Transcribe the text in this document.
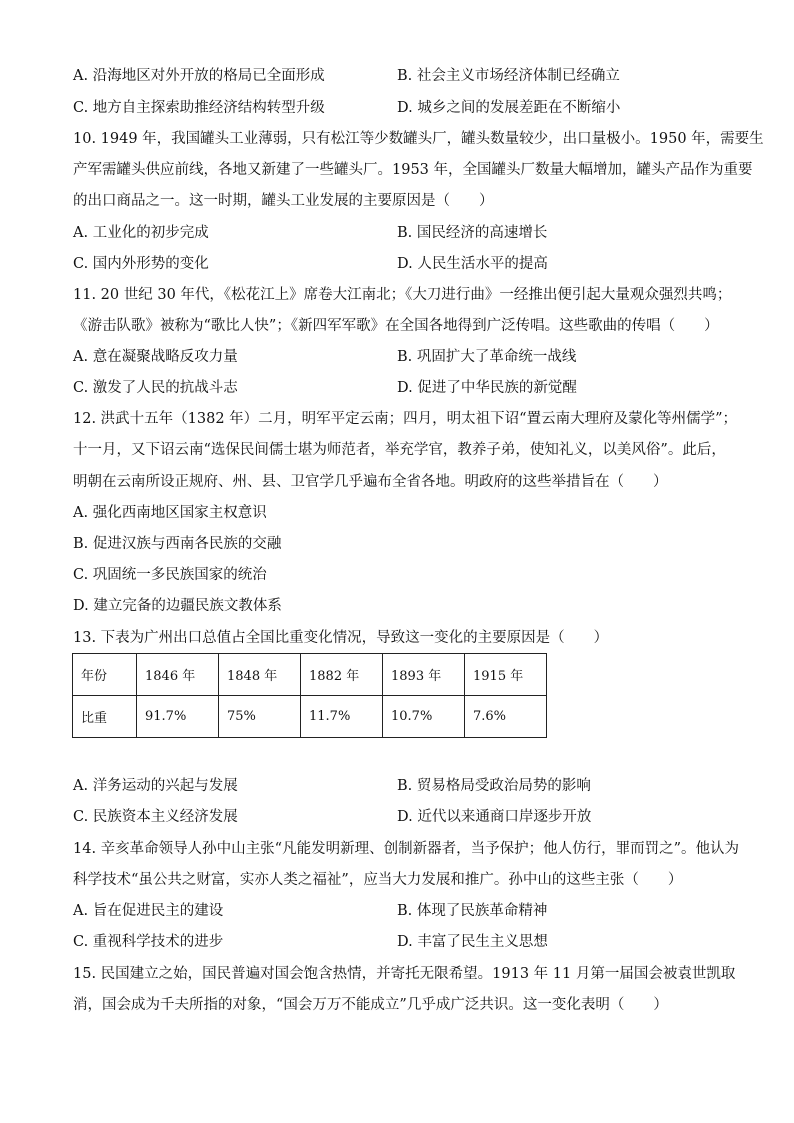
A. 沿海地区对外开放的格局已全面形成	B. 社会主义市场经济体制已经确立
C. 地方自主探索助推经济结构转型升级	D. 城乡之间的发展差距在不断缩小
10. 1949 年，我国罐头工业薄弱，只有松江等少数罐头厂，罐头数量较少，出口量极小。1950 年，需要生
产军需罐头供应前线，各地又新建了一些罐头厂。1953 年，全国罐头厂数量大幅增加，罐头产品作为重要
的出口商品之一。这一时期，罐头工业发展的主要原因是（　　）
A. 工业化的初步完成	B. 国民经济的高速增长
C. 国内外形势的变化	D. 人民生活水平的提高
11. 20 世纪 30 年代，《松花江上》席卷大江南北；《大刀进行曲》一经推出便引起大量观众强烈共鸣；
《游击队歌》被称为“歌比人快”；《新四军军歌》在全国各地得到广泛传唱。这些歌曲的传唱（　　）
A. 意在凝聚战略反攻力量	B. 巩固扩大了革命统一战线
C. 激发了人民的抗战斗志	D. 促进了中华民族的新觉醒
12. 洪武十五年（1382 年）二月，明军平定云南；四月，明太祖下诏“置云南大理府及蒙化等州儒学”；
十一月，又下诏云南“选保民间儒士堪为师范者，举充学官，教养子弟，使知礼义，以美风俗”。此后，
明朝在云南所设正规府、州、县、卫官学几乎遍布全省各地。明政府的这些举措旨在（　　）
A. 强化西南地区国家主权意识
B. 促进汉族与西南各民族的交融
C. 巩固统一多民族国家的统治
D. 建立完备的边疆民族文教体系
13. 下表为广州出口总值占全国比重变化情况，导致这一变化的主要原因是（　　）
年份	1846 年	1848 年	1882 年	1893 年	1915 年
比重	91.7%	75%	11.7%	10.7%	7.6%
A. 洋务运动的兴起与发展	B. 贸易格局受政治局势的影响
C. 民族资本主义经济发展	D. 近代以来通商口岸逐步开放
14. 辛亥革命领导人孙中山主张“凡能发明新理、创制新器者，当予保护；他人仿行，罪而罚之”。他认为
科学技术“虽公共之财富，实亦人类之福祉”，应当大力发展和推广。孙中山的这些主张（　　）
A. 旨在促进民主的建设	B. 体现了民族革命精神
C. 重视科学技术的进步	D. 丰富了民生主义思想
15. 民国建立之始，国民普遍对国会饱含热情，并寄托无限希望。1913 年 11 月第一届国会被袁世凯取
消，国会成为千夫所指的对象，“国会万万不能成立”几乎成广泛共识。这一变化表明（　　）
